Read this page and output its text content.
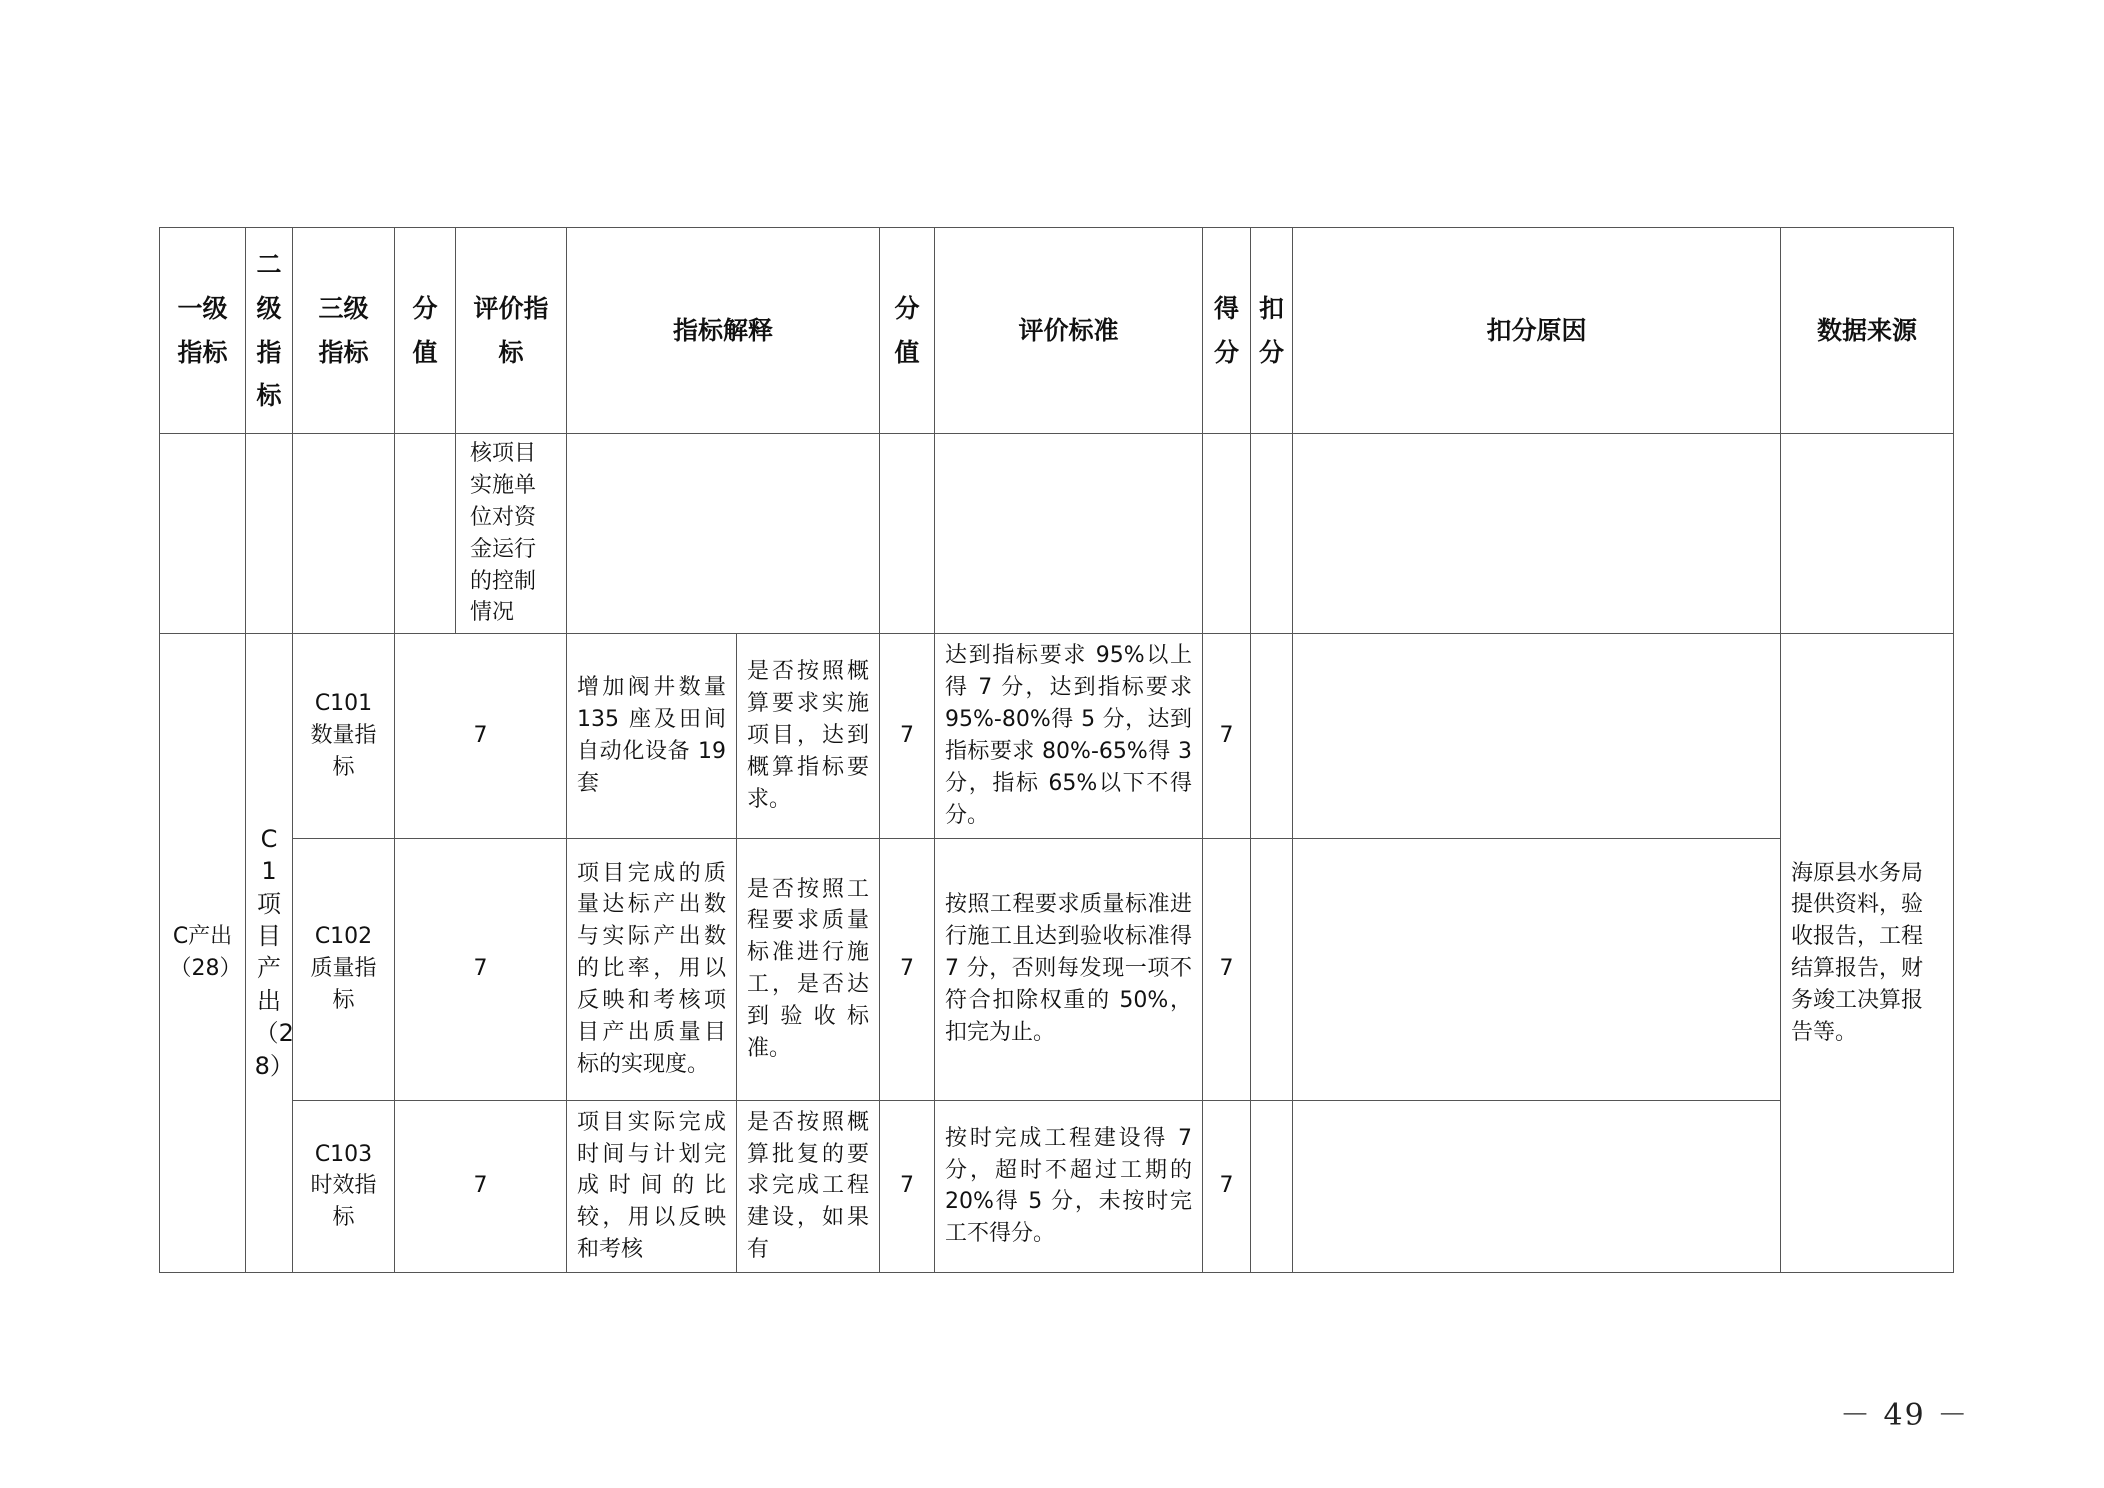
一级指标	二级指标	三级指标	分值	评价指标	指标解释		分值	评价标准	得分	扣分	扣分原因	数据来源
				核项目实施单位对资金运行的控制情况								
C产出（28）	C1项目产出（28）	C101数量指标	7		增加阀井数量 135 座及田间自动化设备 19 套	是否按照概算要求实施项目，达到概算指标要求。	7	达到指标要求 95%以上得 7 分，达到指标要求 95%-80%得 5 分，达到指标要求 80%-65%得 3 分，指标 65%以下不得分。	7			海原县水务局提供资料，验收报告，工程结算报告，财务竣工决算报告等。
		C102质量指标	7		项目完成的质量达标产出数与实际产出数的比率，用以反映和考核项目产出质量目标的实现度。	是否按照工程要求质量标准进行施工，是否达到验收标准。	7	按照工程要求质量标准进行施工且达到验收标准得 7 分，否则每发现一项不符合扣除权重的 50%，扣完为止。	7			
		C103时效指标	7		项目实际完成时间与计划完成时间的比较，用以反映和考核	是否按照概算批复的要求完成工程建设，如果有	7	按时完成工程建设得 7 分，超时不超过工期的 20%得 5 分，未按时完工不得分。	7			
－ 49 －
